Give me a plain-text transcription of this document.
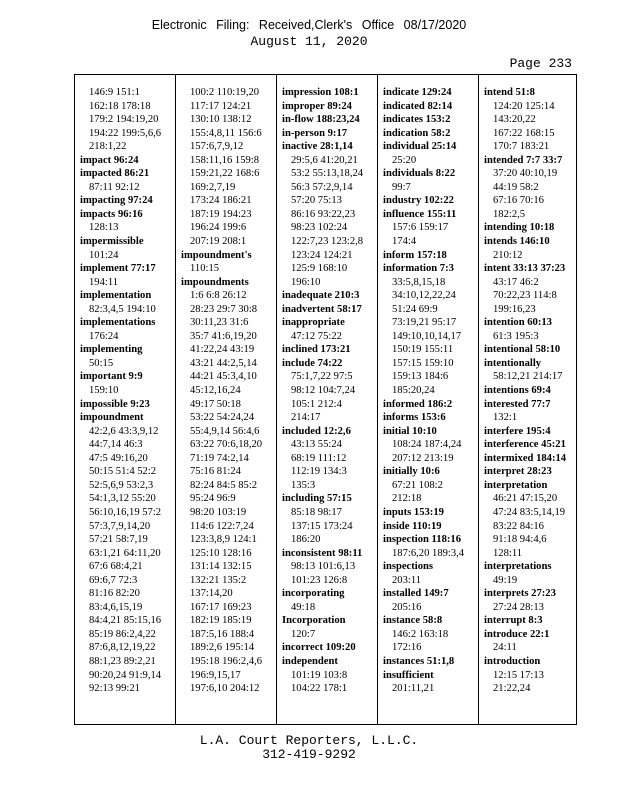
Electronic Filing: Received,Clerk's Office 08/17/2020
August 11, 2020
Page 233
146:9 151:1
162:18 178:18
179:2 194:19,20
194:22 199:5,6,6
218:1,22
impact 96:24
impacted 86:21
87:11 92:12
impacting 97:24
impacts 96:16
128:13
impermissible
101:24
implement 77:17
194:11
implementation
82:3,4,5 194:10
implementations
176:24
implementing
50:15
important 9:9
159:10
impossible 9:23
impoundment
42:2,6 43:3,9,12
44:7,14 46:3
47:5 49:16,20
50:15 51:4 52:2
52:5,6,9 53:2,3
54:1,3,12 55:20
56:10,16,19 57:2
57:3,7,9,14,20
57:21 58:7,19
63:1,21 64:11,20
67:6 68:4,21
69:6,7 72:3
81:16 82:20
83:4,6,15,19
84:4,21 85:15,16
85:19 86:2,4,22
87:6,8,12,19,22
88:1,23 89:2,21
90:20,24 91:9,14
92:13 99:21
100:2 110:19,20
117:17 124:21
130:10 138:12
155:4,8,11 156:6
157:6,7,9,12
158:11,16 159:8
159:21,22 168:6
169:2,7,19
173:24 186:21
187:19 194:23
196:24 199:6
207:19 208:1
impoundment's
110:15
impoundments
1:6 6:8 26:12
28:23 29:7 30:8
30:11,23 31:6
35:7 41:6,19,20
41:22,24 43:19
43:21 44:2,5,14
44:21 45:3,4,10
45:12,16,24
49:17 50:18
53:22 54:24,24
55:4,9,14 56:4,6
63:22 70:6,18,20
71:19 74:2,14
75:16 81:24
82:24 84:5 85:2
95:24 96:9
98:20 103:19
114:6 122:7,24
123:3,8,9 124:1
125:10 128:16
131:14 132:15
132:21 135:2
137:14,20
167:17 169:23
182:19 185:19
187:5,16 188:4
189:2,6 195:14
195:18 196:2,4,6
196:9,15,17
197:6,10 204:12
impression 108:1
improper 89:24
in-flow 188:23,24
in-person 9:17
inactive 28:1,14
29:5,6 41:20,21
53:2 55:13,18,24
56:3 57:2,9,14
57:20 75:13
86:16 93:22,23
98:23 102:24
122:7,23 123:2,8
123:24 124:21
125:9 168:10
196:10
inadequate 210:3
inadvertent 58:17
inappropriate
47:12 75:22
inclined 173:21
include 74:22
75:1,7,22 97:5
98:12 104:7,24
105:1 212:4
214:17
included 12:2,6
43:13 55:24
68:19 111:12
112:19 134:3
135:3
including 57:15
85:18 98:17
137:15 173:24
186:20
inconsistent 98:11
98:13 101:6,13
101:23 126:8
incorporating
49:18
Incorporation
120:7
incorrect 109:20
independent
101:19 103:8
104:22 178:1
indicate 129:24
indicated 82:14
indicates 153:2
indication 58:2
individual 25:14
25:20
individuals 8:22
99:7
industry 102:22
influence 155:11
157:6 159:17
174:4
inform 157:18
information 7:3
33:5,8,15,18
34:10,12,22,24
51:24 69:9
73:19,21 95:17
149:10,10,14,17
150:19 155:11
157:15 159:10
159:13 184:6
185:20,24
informed 186:2
informs 153:6
initial 10:10
108:24 187:4,24
207:12 213:19
initially 10:6
67:21 108:2
212:18
inputs 153:19
inside 110:19
inspection 118:16
187:6,20 189:3,4
inspections
203:11
installed 149:7
205:16
instance 58:8
146:2 163:18
172:16
instances 51:1,8
insufficient
201:11,21
intend 51:8
124:20 125:14
143:20,22
167:22 168:15
170:7 183:21
intended 7:7 33:7
37:20 40:10,19
44:19 58:2
67:16 70:16
182:2,5
intending 10:18
intends 146:10
210:12
intent 33:13 37:23
43:17 46:2
70:22,23 114:8
199:16,23
intention 60:13
61:3 195:3
intentional 58:10
intentionally
58:12,21 214:17
intentions 69:4
interested 77:7
132:1
interfere 195:4
interference 45:21
intermixed 184:14
interpret 28:23
interpretation
46:21 47:15,20
47:24 83:5,14,19
83:22 84:16
91:18 94:4,6
128:11
interpretations
49:19
interprets 27:23
27:24 28:13
interrupt 8:3
introduce 22:1
24:11
introduction
12:15 17:13
21:22,24
L.A. Court Reporters, L.L.C.
312-419-9292
